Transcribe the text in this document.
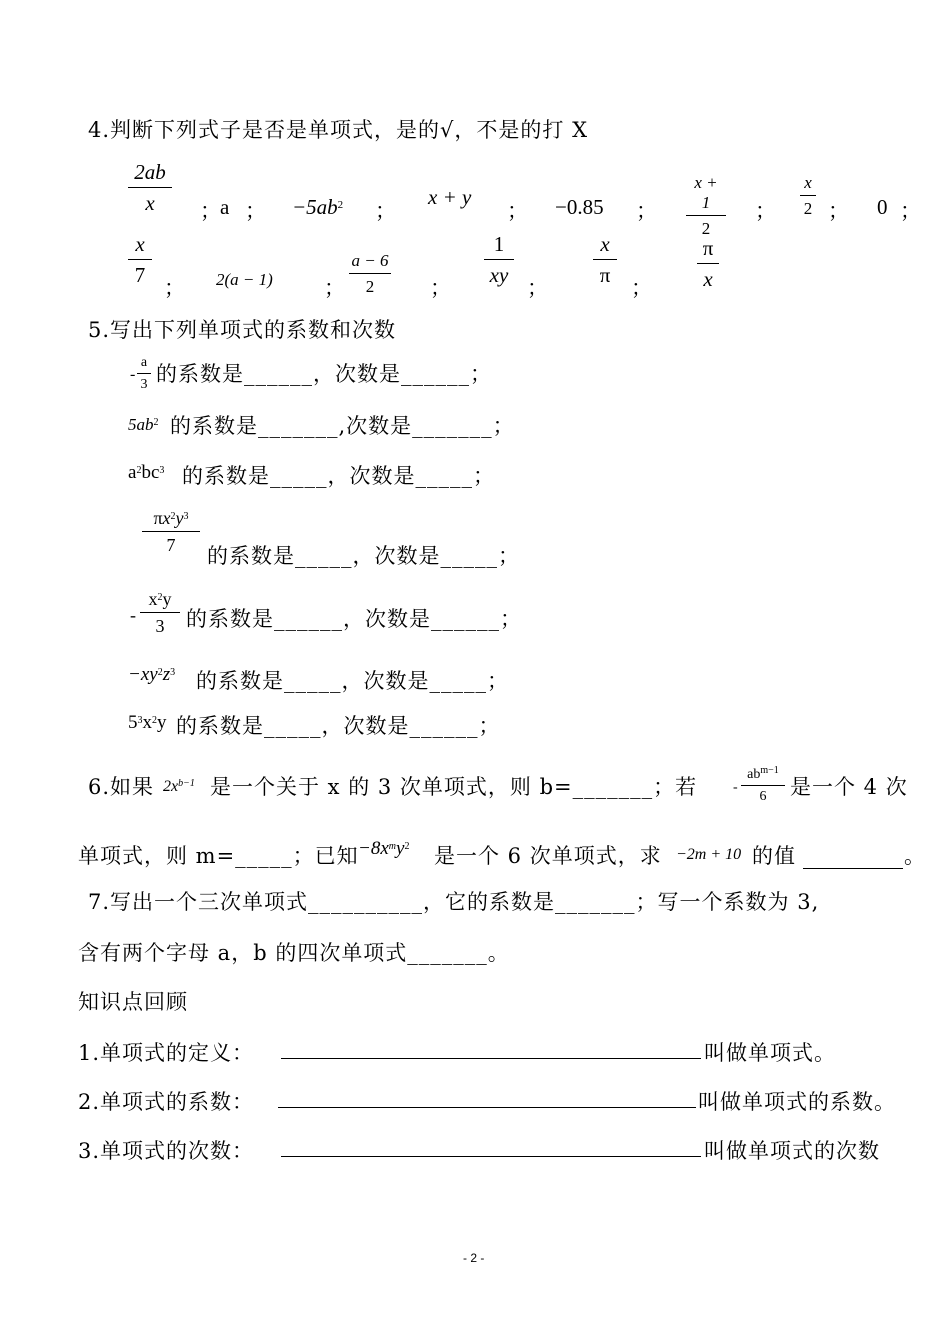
4.判断下列式子是否是单项式，是的√，不是的打 X
$\frac{2ab}{x}$ ； a ； $-5ab^2$ ；
x + y
； −0.85 ； $\frac{x + 1}{2}$ ； $\frac{x}{2}$ ； 0 ；
$\frac{x}{7}$ ； 2(a − 1) ； $\frac{a - 6}{2}$ ； $\frac{1}{xy}$ ； $\frac{x}{\pi}$ ； $\frac{\pi}{x}$
5.写出下列单项式的系数和次数
- $\frac{a}{3}$ 的系数是______，次数是______；
$5ab^2$ 的系数是_______,次数是_______；
$a^2bc^3$ 的系数是_____，次数是_____；
$\frac{\pi x^2y^3}{7}$ 的系数是_____，次数是_____；
- $\frac{x^2y}{3}$ 的系数是______，次数是______；
$-xy^2z^3$ 的系数是_____，次数是_____；
$5^3x^2y$ 的系数是_____，次数是______；
6.如果 $2x^{b-1}$ 是一个关于 x 的 3 次单项式，则 b=_______；若	-
$ab^{m-1}$
6	是一个 4 次
单项式，则 m=_____；已知 $-8x^my^2$ 是一个 6 次单项式，求 −2m + 10 的值	。
7.写出一个三次单项式__________，它的系数是_______；写一个系数为 3,
含有两个字母 a，b 的四次单项式_______。
知识点回顾
1.单项式的定义：	叫做单项式。
2.单项式的系数：	叫做单项式的系数。
3.单项式的次数：	叫做单项式的次数
- 2 -
